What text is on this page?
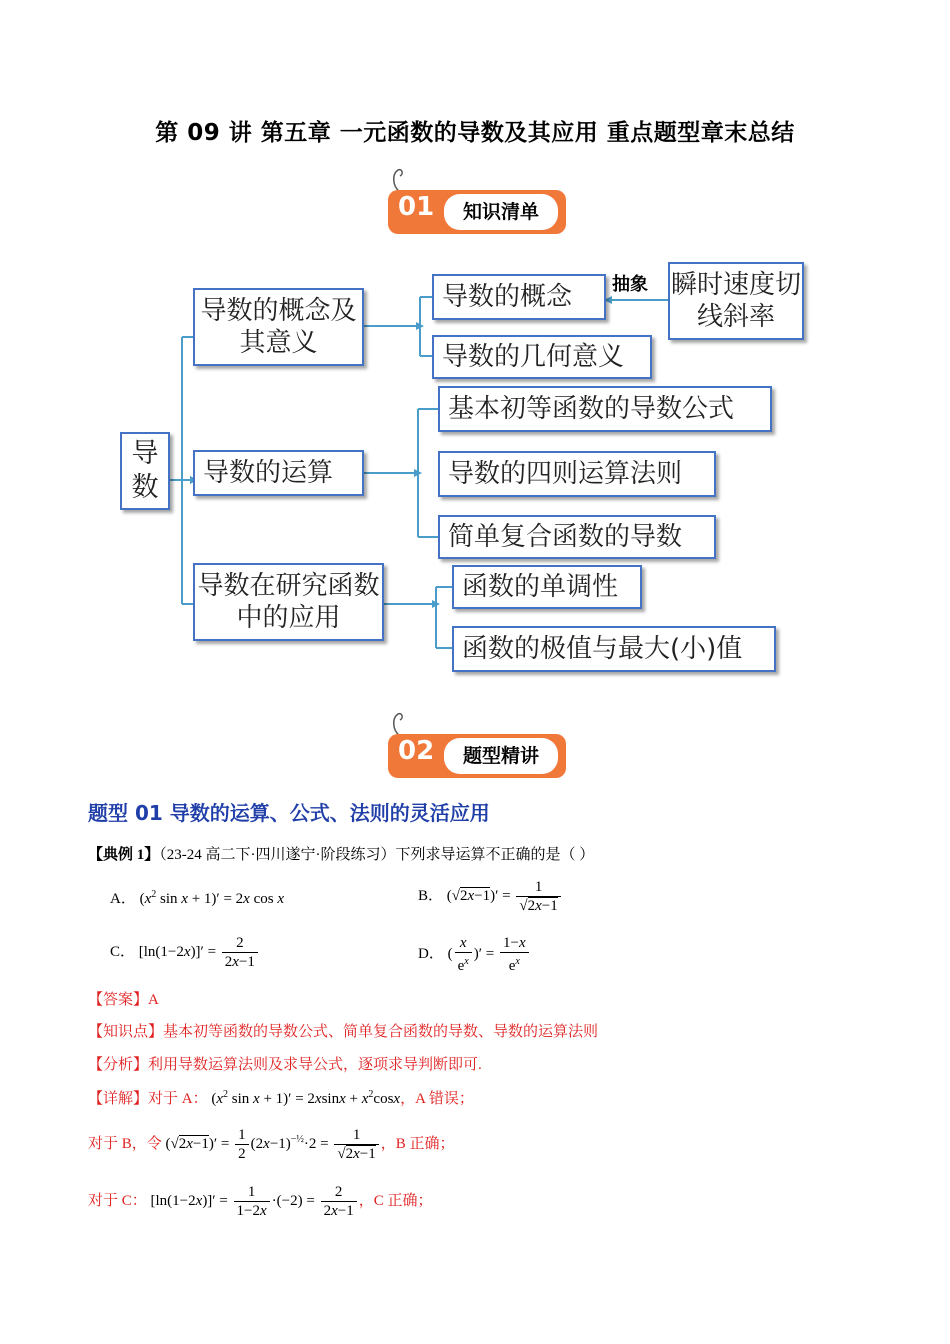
第 09 讲 第五章 一元函数的导数及其应用 重点题型章末总结
01	知识清单
导数
导数的概念及其意义
导数的概念
导数的几何意义
抽象 瞬时速度切线斜率
导数的运算
基本初等函数的导数公式
导数的四则运算法则
简单复合函数的导数
导数在研究函数中的应用
函数的单调性
函数的极值与最大(小)值
02	题型精讲
题型 01 导数的运算、公式、法则的灵活应用
【典例 1】（23-24 高二下·四川遂宁·阶段练习）下列求导运算不正确的是（ ）
A． ($x^2$ sin x + 1)′ = 2x cos x	B． $(√2x-1)' = \frac{1}{√2x-1}$
C． $[\ln(1-2x)]' = \frac{2}{2x-1}$	D． ( $\frac{x}{e^x}$ )′ = $\frac{1-x}{e^x}$
【答案】A
【知识点】基本初等函数的导数公式、简单复合函数的导数、导数的运算法则
【分析】利用导数运算法则及求导公式，逐项求导判断即可.
【详解】对于 A： ($x^2$ $\sin x + 1)' = 2xsinx + x^2\cos x$，A 错误；
对于 B，令 $(√2x-1)' = \frac{1}{2} (2x-1)^{-\frac{1}{2}}\cdot 2 = \frac{1}{√2x-1}$ ，B 正确；
对于 C： $[\ln(1-2x)]' = \frac{1}{1-2x} \cdot(-2) = \frac{2}{2x-1}$ ，C 正确；
